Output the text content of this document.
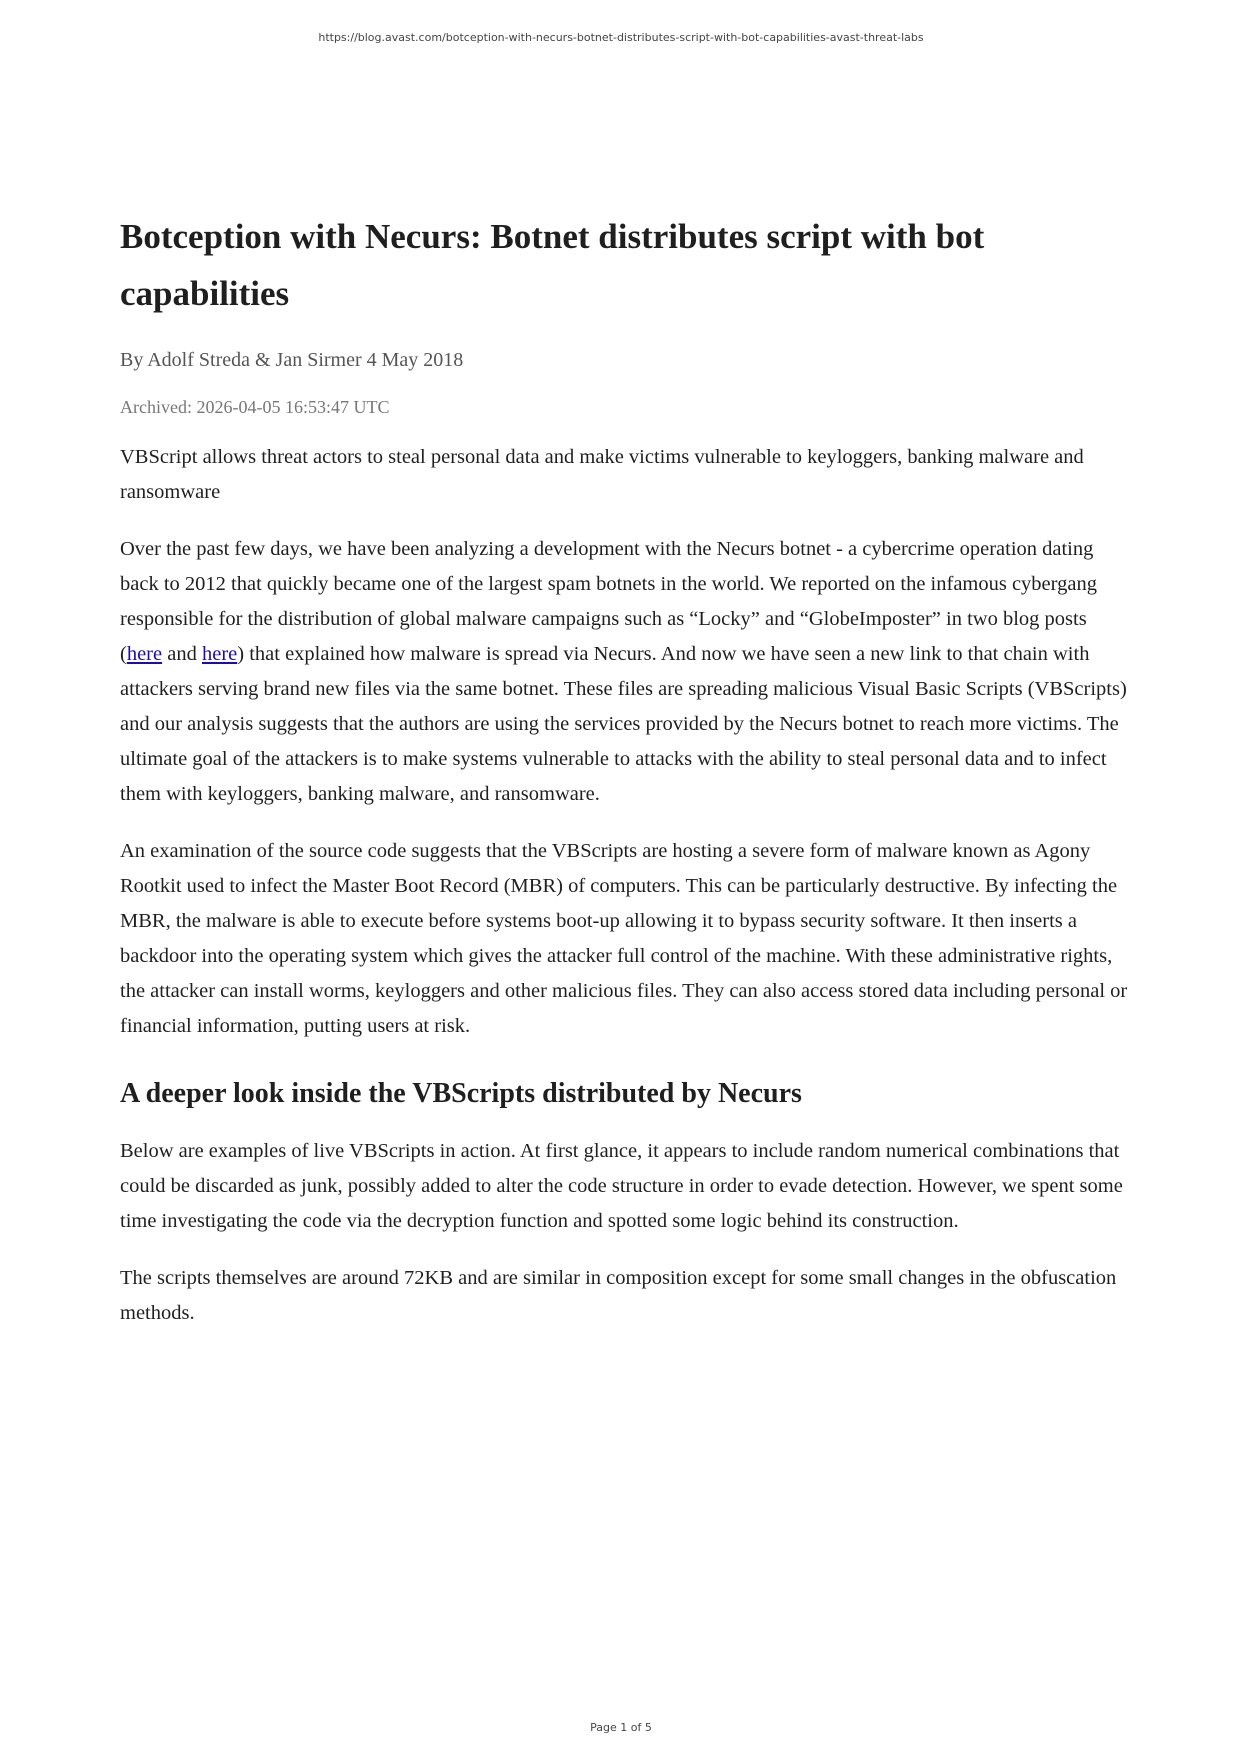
https://blog.avast.com/botception-with-necurs-botnet-distributes-script-with-bot-capabilities-avast-threat-labs
Botception with Necurs: Botnet distributes script with bot capabilities
By Adolf Streda & Jan Sirmer 4 May 2018
Archived: 2026-04-05 16:53:47 UTC

VBScript allows threat actors to steal personal data and make victims vulnerable to keyloggers, banking malware and ransomware

Over the past few days, we have been analyzing a development with the Necurs botnet - a cybercrime operation dating back to 2012 that quickly became one of the largest spam botnets in the world. We reported on the infamous cybergang responsible for the distribution of global malware campaigns such as “Locky” and “GlobeImposter” in two blog posts (here and here) that explained how malware is spread via Necurs. And now we have seen a new link to that chain with attackers serving brand new files via the same botnet. These files are spreading malicious Visual Basic Scripts (VBScripts) and our analysis suggests that the authors are using the services provided by the Necurs botnet to reach more victims. The ultimate goal of the attackers is to make systems vulnerable to attacks with the ability to steal personal data and to infect them with keyloggers, banking malware, and ransomware.

An examination of the source code suggests that the VBScripts are hosting a severe form of malware known as Agony Rootkit used to infect the Master Boot Record (MBR) of computers. This can be particularly destructive. By infecting the MBR, the malware is able to execute before systems boot-up allowing it to bypass security software. It then inserts a backdoor into the operating system which gives the attacker full control of the machine. With these administrative rights, the attacker can install worms, keyloggers and other malicious files. They can also access stored data including personal or financial information, putting users at risk.

A deeper look inside the VBScripts distributed by Necurs

Below are examples of live VBScripts in action. At first glance, it appears to include random numerical combinations that could be discarded as junk, possibly added to alter the code structure in order to evade detection. However, we spent some time investigating the code via the decryption function and spotted some logic behind its construction.

The scripts themselves are around 72KB and are similar in composition except for some small changes in the obfuscation methods.

Page 1 of 5
